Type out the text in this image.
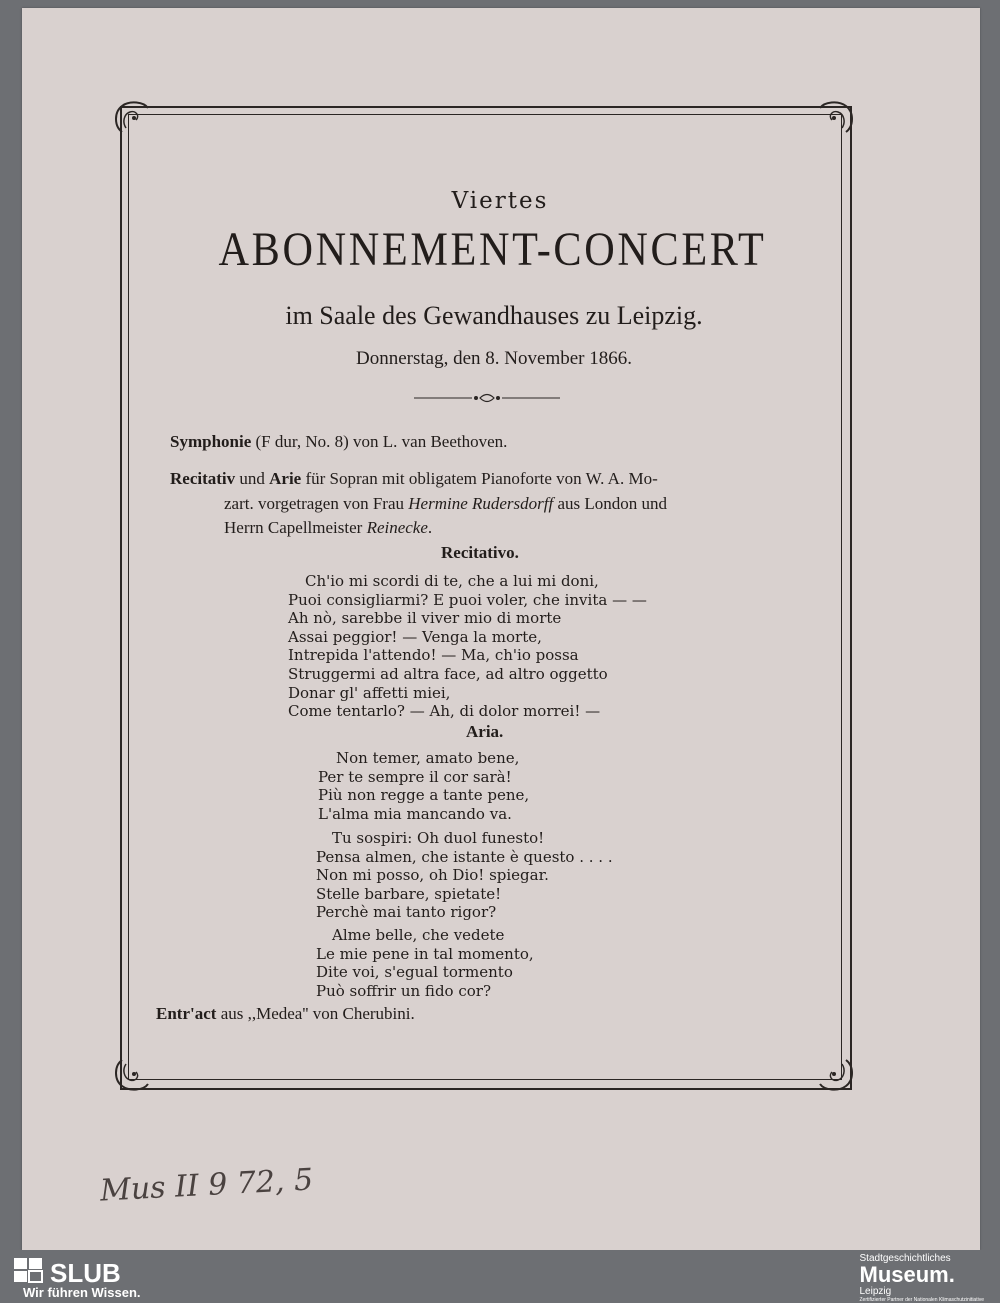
Viertes
ABONNEMENT-CONCERT
im Saale des Gewandhauses zu Leipzig.
Donnerstag, den 8. November 1866.
Symphonie (F dur, No. 8) von L. van Beethoven.
Recitativ und Arie für Sopran mit obligatem Pianoforte von W. A. Mo-
zart. vorgetragen von Frau Hermine Rudersdorff aus London und
Herrn Capellmeister Reinecke.
Recitativo.
Ch'io mi scordi di te, che a lui mi doni,
Puoi consigliarmi? E puoi voler, che invita — —
Ah nò, sarebbe il viver mio di morte
Assai peggior! — Venga la morte,
Intrepida l'attendo! — Ma, ch'io possa
Struggermi ad altra face, ad altro oggetto
Donar gl' affetti miei,
Come tentarlo? — Ah, di dolor morrei! —
Aria.
Non temer, amato bene,
Per te sempre il cor sarà!
Più non regge a tante pene,
L'alma mia mancando va.
Tu sospiri: Oh duol funesto!
Pensa almen, che istante è questo . . . .
Non mi posso, oh Dio! spiegar.
Stelle barbare, spietate!
Perchè mai tanto rigor?
Alme belle, che vedete
Le mie pene in tal momento,
Dite voi, s'egual tormento
Può soffrir un fido cor?
Entr'act aus ,,Medea'' von Cherubini.
Mus II 9 72, 5
SLUB
Wir führen Wissen.
Stadtgeschichtliches
Museum.
Leipzig
Zertifizierter Partner der Nationalen Klimaschutzinitiative
